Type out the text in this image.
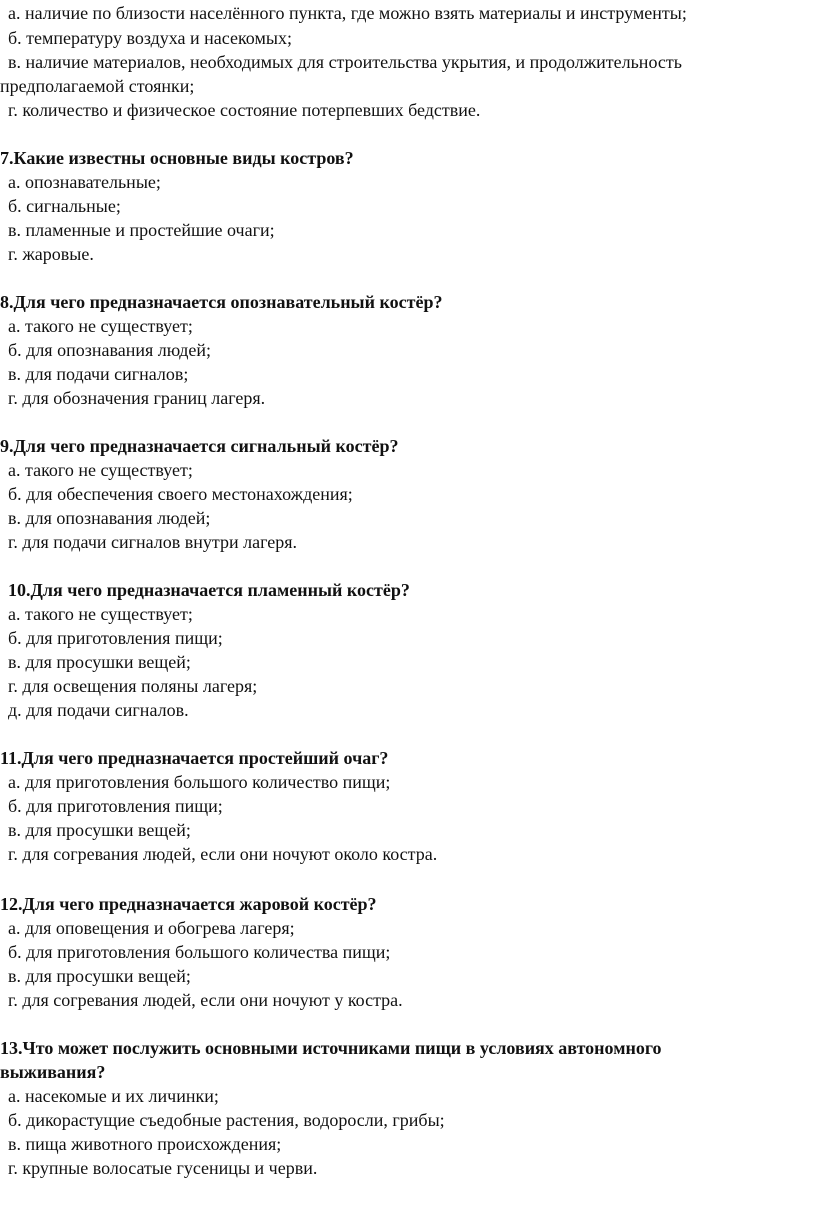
а. наличие по близости населённого пункта, где можно взять материалы и инструменты;
б. температуру воздуха и насекомых;
в. наличие материалов, необходимых для строительства укрытия, и продолжительность
предполагаемой стоянки;
г. количество и физическое состояние потерпевших бедствие.
7.Какие известны основные виды костров?
а. опознавательные;
б. сигнальные;
в. пламенные и простейшие очаги;
г. жаровые.
8.Для чего предназначается опознавательный костёр?
а. такого не существует;
б. для опознавания людей;
в. для подачи сигналов;
г. для обозначения границ лагеря.
9.Для чего предназначается сигнальный костёр?
а. такого не существует;
б. для обеспечения своего местонахождения;
в. для опознавания людей;
г. для подачи сигналов внутри лагеря.
10.Для чего предназначается пламенный костёр?
а. такого не существует;
б. для приготовления пищи;
в. для просушки вещей;
г. для освещения поляны лагеря;
д. для подачи сигналов.
11.Для чего предназначается простейший очаг?
а. для приготовления большого количество пищи;
б. для приготовления пищи;
в. для просушки вещей;
г. для согревания людей, если они ночуют около костра.
12.Для чего предназначается жаровой костёр?
а. для оповещения и обогрева лагеря;
б. для приготовления большого количества пищи;
в. для просушки вещей;
г. для согревания людей, если они ночуют у костра.
13.Что может послужить основными источниками пищи в условиях автономного
выживания?
а. насекомые и их личинки;
б. дикорастущие съедобные растения, водоросли, грибы;
в. пища животного происхождения;
г. крупные волосатые гусеницы и черви.
